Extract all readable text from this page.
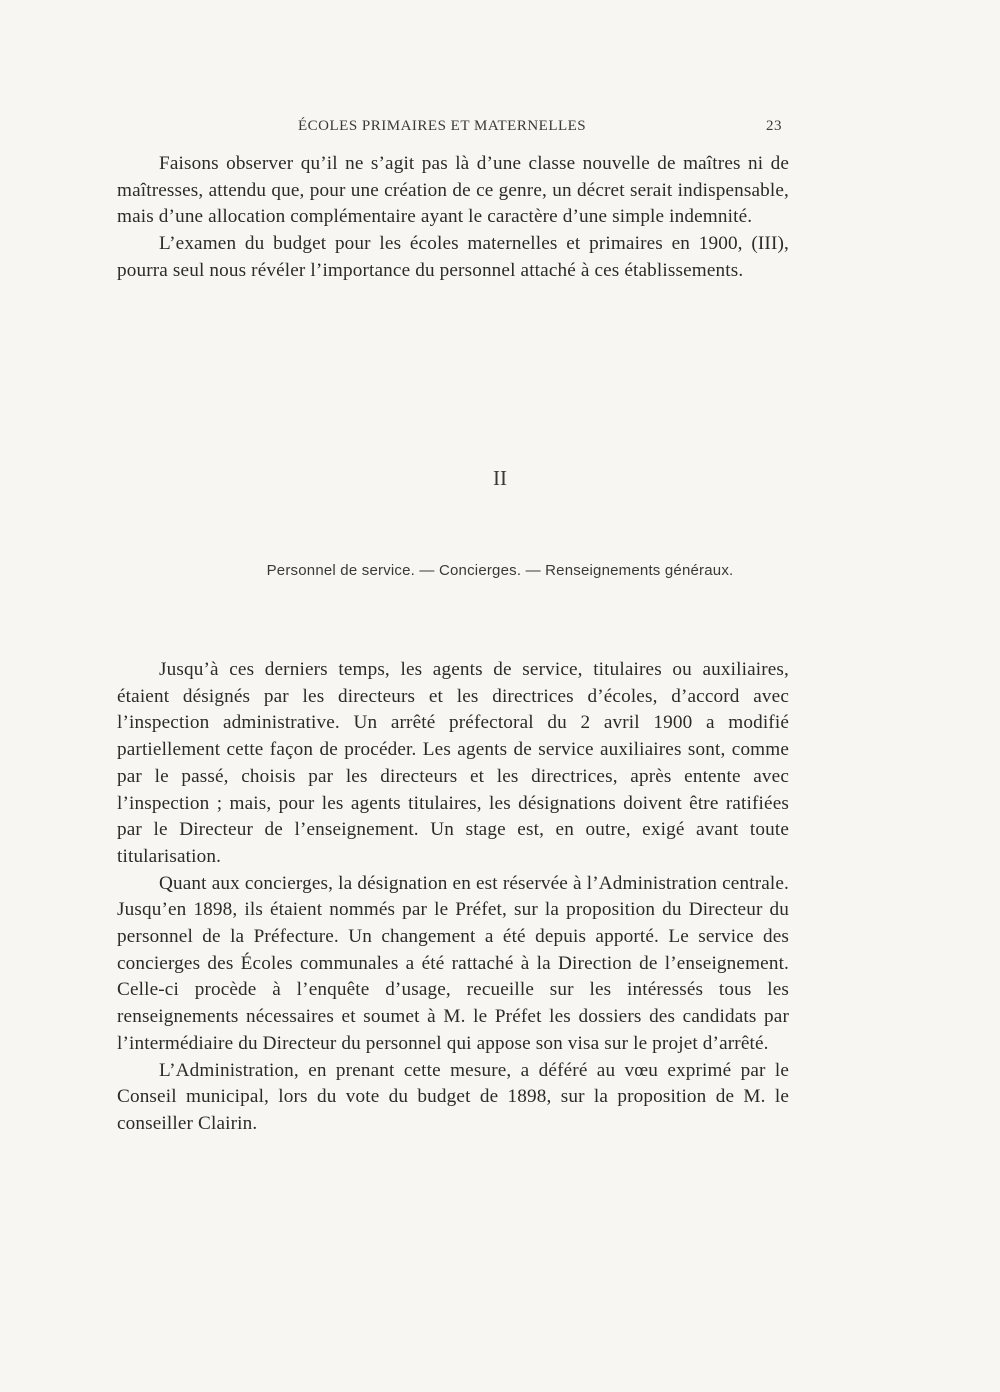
ÉCOLES PRIMAIRES ET MATERNELLES	23

Faisons observer qu’il ne s’agit pas là d’une classe nouvelle de maîtres ni de maîtresses, attendu que, pour une création de ce genre, un décret serait indispensable, mais d’une allocation complémentaire ayant le caractère d’une simple indemnité.

L’examen du budget pour les écoles maternelles et primaires en 1900, (III), pourra seul nous révéler l’importance du personnel attaché à ces établissements.

II
Personnel de service. — Concierges. — Renseignements généraux.

Jusqu’à ces derniers temps, les agents de service, titulaires ou auxiliaires, étaient désignés par les directeurs et les directrices d’écoles, d’accord avec l’inspection administrative. Un arrêté préfectoral du 2 avril 1900 a modifié partiellement cette façon de procéder. Les agents de service auxiliaires sont, comme par le passé, choisis par les directeurs et les directrices, après entente avec l’inspection ; mais, pour les agents titulaires, les désignations doivent être ratifiées par le Directeur de l’enseignement. Un stage est, en outre, exigé avant toute titularisation.

Quant aux concierges, la désignation en est réservée à l’Administration centrale. Jusqu’en 1898, ils étaient nommés par le Préfet, sur la proposition du Directeur du personnel de la Préfecture. Un changement a été depuis apporté. Le service des concierges des Écoles communales a été rattaché à la Direction de l’enseignement. Celle-ci procède à l’enquête d’usage, recueille sur les intéressés tous les renseignements nécessaires et soumet à M. le Préfet les dossiers des candidats par l’intermédiaire du Directeur du personnel qui appose son visa sur le projet d’arrêté.

L’Administration, en prenant cette mesure, a déféré au vœu exprimé par le Conseil municipal, lors du vote du budget de 1898, sur la proposition de M. le conseiller Clairin.
